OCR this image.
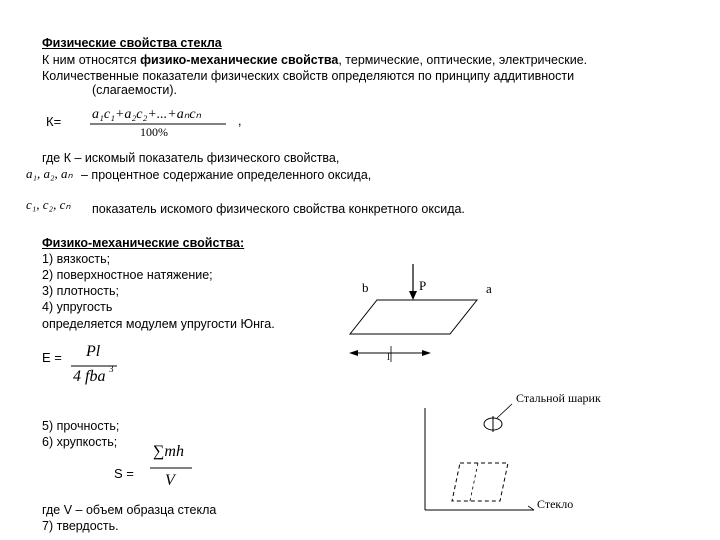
Физические свойства стекла
К ним относятся физико-механические свойства, термические, оптические, электрические.
Количественные показатели физических свойств определяются по принципу аддитивности
(слагаемости).
К= a₁c₁+a₂c₂+...+aₙcₙ
100%
,
где К – искомый показатель физического свойства,
a₁, a₂, aₙ – процентное содержание определенного оксида,
c₁, c₂, cₙ показатель искомого физического свойства конкретного оксида.
Физико-механические свойства:
1) вязкость;
2) поверхностное натяжение;
3) плотность;
4) упругость
определяется модулем упругости Юнга.
Е = Pl
4 fba 3
5) прочность;
6) хрупкость;
S =
∑mh
V
где V – объем образца стекла
7) твердость.
b	P	a
l
Стальной шарик
Стекло
